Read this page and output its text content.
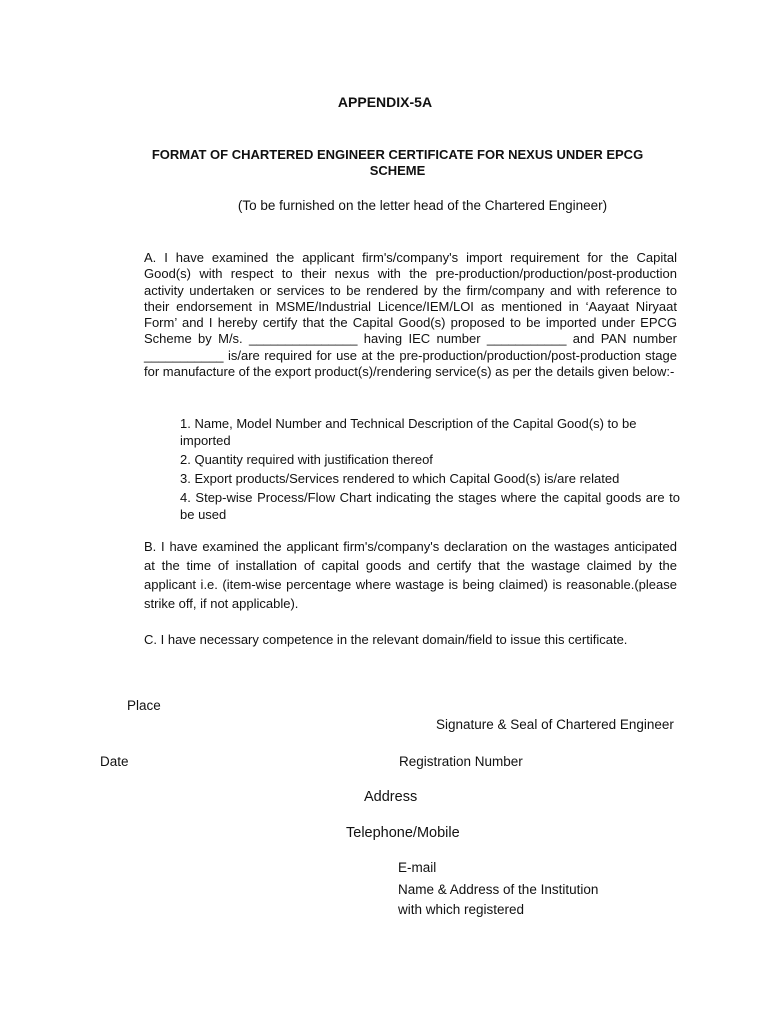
APPENDIX-5A
FORMAT OF CHARTERED ENGINEER CERTIFICATE FOR NEXUS UNDER EPCG
SCHEME
(To be furnished on the letter head of the Chartered Engineer)
A. I have examined the applicant firm's/company's import requirement for the Capital Good(s) with respect to their nexus with the pre-production/production/post-production activity undertaken or services to be rendered by the firm/company and with reference to their endorsement in MSME/Industrial Licence/IEM/LOI as mentioned in ‘Aayaat Niryaat Form’ and I hereby certify that the Capital Good(s) proposed to be imported under EPCG Scheme by M/s. _______________ having IEC number ___________ and PAN number ___________ is/are required for use at the pre-production/production/post-production stage for manufacture of the export product(s)/rendering service(s) as per the details given below:-
1. Name, Model Number and Technical Description of the Capital Good(s) to be imported
2. Quantity required with justification thereof
3. Export products/Services rendered to which Capital Good(s) is/are related
4. Step-wise Process/Flow Chart indicating the stages where the capital goods are to be used
B. I have examined the applicant firm's/company's declaration on the wastages anticipated at the time of installation of capital goods and certify that the wastage claimed by the applicant i.e. (item-wise percentage where wastage is being claimed) is reasonable.(please strike off, if not applicable).
C. I have necessary competence in the relevant domain/field to issue this certificate.
Place
Signature & Seal of Chartered Engineer
Date	Registration Number
Address
Telephone/Mobile
E-mail
Name & Address of the Institution
with which registered
